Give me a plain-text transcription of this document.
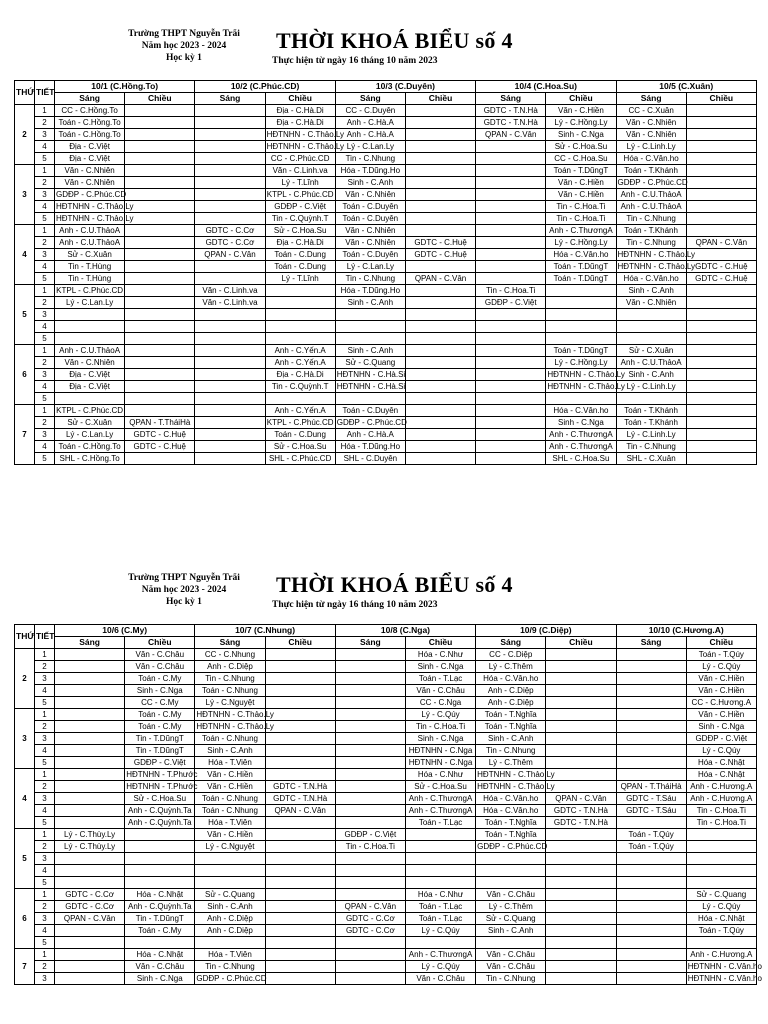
Trường THPT Nguyễn Trãi
Năm học 2023 - 2024
Học kỳ 1
THỜI KHOÁ BIỂU số 4
Thực hiện từ ngày 16 tháng 10 năm 2023
THỨ	TIẾT	10/1 (C.Hồng.To)		10/2 (C.Phúc.CD)		10/3 (C.Duyên)		10/4 (C.Hoa.Su)		10/5 (C.Xuân)	
		Sáng	Chiều	Sáng	Chiều	Sáng	Chiều	Sáng	Chiều	Sáng	Chiều
2	1	CC - C.Hồng.To			Địa - C.Hà.Di	CC - C.Duyên		GDTC - T.N.Hà	Văn - C.Hiền	CC - C.Xuân	
	2	Toán - C.Hồng.To			Địa - C.Hà.Di	Anh - C.Hà.A		GDTC - T.N.Hà	Lý - C.Hồng.Ly	Văn - C.Nhiên	
	3	Toán - C.Hồng.To			HĐTNHN - C.Thảo.Ly	Anh - C.Hà.A		QPAN - C.Vân	Sinh - C.Nga	Văn - C.Nhiên	
	4	Địa - C.Việt			HĐTNHN - C.Thảo.Ly	Lý - C.Lan.Ly			Sử - C.Hoa.Su	Lý - C.Linh.Ly	
	5	Địa - C.Việt			CC - C.Phúc.CD	Tin - C.Nhung			CC - C.Hoa.Su	Hóa - C.Vân.ho	
3	1	Văn - C.Nhiên			Văn - C.Linh.va	Hóa - T.Dũng.Ho			Toán - T.DũngT	Toán - T.Khánh	
	2	Văn - C.Nhiên			Lý - T.Lĩnh	Sinh - C.Anh			Văn - C.Hiền	GDĐP - C.Phúc.CD	
	3	GDĐP - C.Phúc.CD			KTPL - C.Phúc.CD	Văn - C.Nhiên			Văn - C.Hiền	Anh - C.U.ThảoA	
	4	HĐTNHN - C.Thảo.Ly			GDĐP - C.Việt	Toán - C.Duyên			Tin - C.Hoa.Ti	Anh - C.U.ThảoA	
	5	HĐTNHN - C.Thảo.Ly			Tin - C.Quỳnh.T	Toán - C.Duyên			Tin - C.Hoa.Ti	Tin - C.Nhung	
4	1	Anh - C.U.ThảoA		GDTC - C.Cơ	Sử - C.Hoa.Su	Văn - C.Nhiên			Anh - C.ThươngA	Toán - T.Khánh	
	2	Anh - C.U.ThảoA		GDTC - C.Cơ	Địa - C.Hà.Di	Văn - C.Nhiên	GDTC - C.Huệ		Lý - C.Hồng.Ly	Tin - C.Nhung	QPAN - C.Vân
	3	Sử - C.Xuân		QPAN - C.Vân	Toán - C.Dung	Toán - C.Duyên	GDTC - C.Huệ		Hóa - C.Vân.ho	HĐTNHN - C.Thảo.Ly	
	4	Tin - T.Hùng			Toán - C.Dung	Lý - C.Lan.Ly			Toán - T.DũngT	HĐTNHN - C.Thảo.Ly	GDTC - C.Huệ
	5	Tin - T.Hùng			Lý - T.Lĩnh	Tin - C.Nhung	QPAN - C.Vân		Toán - T.DũngT	Hóa - C.Vân.ho	GDTC - C.Huệ
5	1	KTPL - C.Phúc.CD		Văn - C.Linh.va		Hóa - T.Dũng.Ho		Tin - C.Hoa.Ti		Sinh - C.Anh	
	2	Lý - C.Lan.Ly		Văn - C.Linh.va		Sinh - C.Anh		GDĐP - C.Việt		Văn - C.Nhiên	
	3										
	4										
	5										
6	1	Anh - C.U.ThảoA			Anh - C.Yến.A	Sinh - C.Anh			Toán - T.DũngT	Sử - C.Xuân	
	2	Văn - C.Nhiên			Anh - C.Yến.A	Sử - C.Quang			Lý - C.Hồng.Ly	Anh - C.U.ThảoA	
	3	Địa - C.Việt			Địa - C.Hà.Di	HĐTNHN - C.Hà.Si			HĐTNHN - C.Thảo.Ly	Sinh - C.Anh	
	4	Địa - C.Việt			Tin - C.Quỳnh.T	HĐTNHN - C.Hà.Si			HĐTNHN - C.Thảo.Ly	Lý - C.Linh.Ly	
	5										
7	1	KTPL - C.Phúc.CD			Anh - C.Yến.A	Toán - C.Duyên			Hóa - C.Vân.ho	Toán - T.Khánh	
	2	Sử - C.Xuân	QPAN - T.TháiHà		KTPL - C.Phúc.CD	GDĐP - C.Phúc.CD			Sinh - C.Nga	Toán - T.Khánh	
	3	Lý - C.Lan.Ly	GDTC - C.Huệ		Toán - C.Dung	Anh - C.Hà.A			Anh - C.ThươngA	Lý - C.Linh.Ly	
	4	Toán - C.Hồng.To	GDTC - C.Huệ		Sử - C.Hoa.Su	Hóa - T.Dũng.Ho			Anh - C.ThươngA	Tin - C.Nhung	
	5	SHL - C.Hồng.To			SHL - C.Phúc.CD	SHL - C.Duyên			SHL - C.Hoa.Su	SHL - C.Xuân	
Trường THPT Nguyễn Trãi
Năm học 2023 - 2024
Học kỳ 1
THỜI KHOÁ BIỂU số 4
Thực hiện từ ngày 16 tháng 10 năm 2023
THỨ	TIẾT	10/6 (C.My)		10/7 (C.Nhung)		10/8 (C.Nga)		10/9 (C.Diệp)		10/10 (C.Hương.A)	
		Sáng	Chiều	Sáng	Chiều	Sáng	Chiều	Sáng	Chiều	Sáng	Chiều
2	1		Văn - C.Châu	CC - C.Nhung			Hóa - C.Như	CC - C.Diệp			Toán - T.Qúy
	2		Văn - C.Châu	Anh - C.Diệp			Sinh - C.Nga	Lý - C.Thêm			Lý - C.Qúy
	3		Toán - C.My	Tin - C.Nhung			Toán - T.Lạc	Hóa - C.Vân.ho			Văn - C.Hiền
	4		Sinh - C.Nga	Toán - C.Nhung			Văn - C.Châu	Anh - C.Diệp			Văn - C.Hiền
	5		CC - C.My	Lý - C.Nguyệt			CC - C.Nga	Anh - C.Diệp			CC - C.Hương.A
3	1		Toán - C.My	HĐTNHN - C.Thảo.Ly			Lý - C.Qúy	Toán - T.Nghĩa			Văn - C.Hiền
	2		Toán - C.My	HĐTNHN - C.Thảo.Ly			Tin - C.Hoa.Ti	Toán - T.Nghĩa			Sinh - C.Nga
	3		Tin - T.DũngT	Toán - C.Nhung			Sinh - C.Nga	Sinh - C.Anh			GDĐP - C.Việt
	4		Tin - T.DũngT	Sinh - C.Anh			HĐTNHN - C.Nga	Tin - C.Nhung			Lý - C.Qúy
	5		GDĐP - C.Việt	Hóa - T.Viên			HĐTNHN - C.Nga	Lý - C.Thêm			Hóa - C.Nhật
4	1		HĐTNHN - T.Phước	Văn - C.Hiền			Hóa - C.Như	HĐTNHN - C.Thảo.Ly			Hóa - C.Nhật
	2		HĐTNHN - T.Phước	Văn - C.Hiền	GDTC - T.N.Hà		Sử - C.Hoa.Su	HĐTNHN - C.Thảo.Ly		QPAN - T.TháiHà	Anh - C.Hương.A
	3		Sử - C.Hoa.Su	Toán - C.Nhung	GDTC - T.N.Hà		Anh - C.ThươngA	Hóa - C.Vân.ho	QPAN - C.Vân	GDTC - T.Sáu	Anh - C.Hương.A
	4		Anh - C.Quỳnh.Ta	Toán - C.Nhung	QPAN - C.Vân		Anh - C.ThươngA	Hóa - C.Vân.ho	GDTC - T.N.Hà	GDTC - T.Sáu	Tin - C.Hoa.Ti
	5		Anh - C.Quỳnh.Ta	Hóa - T.Viên			Toán - T.Lạc	Toán - T.Nghĩa	GDTC - T.N.Hà		Tin - C.Hoa.Ti
5	1	Lý - C.Thùy.Ly		Văn - C.Hiền		GDĐP - C.Việt		Toán - T.Nghĩa		Toán - T.Qúy	
	2	Lý - C.Thùy.Ly		Lý - C.Nguyệt		Tin - C.Hoa.Ti		GDĐP - C.Phúc.CD		Toán - T.Qúy	
	3										
	4										
	5										
6	1	GDTC - C.Cơ	Hóa - C.Nhật	Sử - C.Quang			Hóa - C.Như	Văn - C.Châu			Sử - C.Quang
	2	GDTC - C.Cơ	Anh - C.Quỳnh.Ta	Sinh - C.Anh		QPAN - C.Vân	Toán - T.Lạc	Lý - C.Thêm			Lý - C.Qúy
	3	QPAN - C.Vân	Tin - T.DũngT	Anh - C.Diệp		GDTC - C.Cơ	Toán - T.Lạc	Sử - C.Quang			Hóa - C.Nhật
	4		Toán - C.My	Anh - C.Diệp		GDTC - C.Cơ	Lý - C.Qúy	Sinh - C.Anh			Toán - T.Qúy
	5										
7	1		Hóa - C.Nhật	Hóa - T.Viên			Anh - C.ThươngA	Văn - C.Châu			Anh - C.Hương.A
	2		Văn - C.Châu	Tin - C.Nhung			Lý - C.Qúy	Văn - C.Châu			HĐTNHN - C.Vân.ho
	3		Sinh - C.Nga	GDĐP - C.Phúc.CD			Văn - C.Châu	Tin - C.Nhung			HĐTNHN - C.Vân.ho
